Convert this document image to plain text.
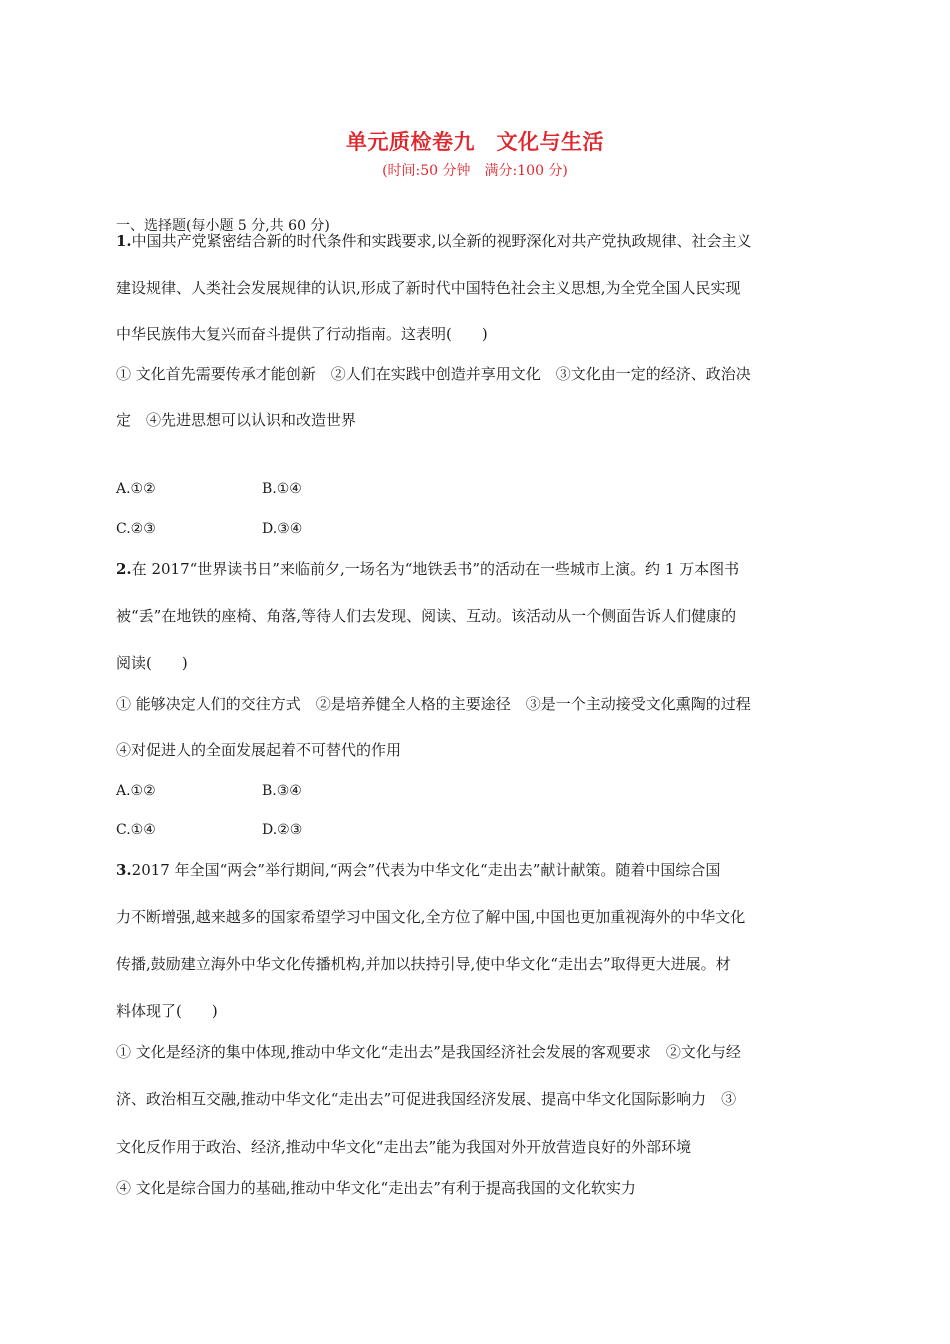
单元质检卷九　文化与生活
(时间:50 分钟　满分:100 分)
一、选择题(每小题 5 分,共 60 分)
1.中国共产党紧密结合新的时代条件和实践要求,以全新的视野深化对共产党执政规律、社会主义
建设规律、人类社会发展规律的认识,形成了新时代中国特色社会主义思想,为全党全国人民实现
中华民族伟大复兴而奋斗提供了行动指南。这表明(　　)
① 文化首先需要传承才能创新　②人们在实践中创造并享用文化　③文化由一定的经济、政治决
定　④先进思想可以认识和改造世界
A.①②	B.①④
C.②③	D.③④
2.在 2017“世界读书日”来临前夕,一场名为“地铁丢书”的活动在一些城市上演。约 1 万本图书
被“丢”在地铁的座椅、角落,等待人们去发现、阅读、互动。该活动从一个侧面告诉人们健康的
阅读(　　)
① 能够决定人们的交往方式　②是培养健全人格的主要途径　③是一个主动接受文化熏陶的过程
④对促进人的全面发展起着不可替代的作用
A.①②	B.③④
C.①④	D.②③
3.2017 年全国“两会”举行期间,“两会”代表为中华文化“走出去”献计献策。随着中国综合国
力不断增强,越来越多的国家希望学习中国文化,全方位了解中国,中国也更加重视海外的中华文化
传播,鼓励建立海外中华文化传播机构,并加以扶持引导,使中华文化“走出去”取得更大进展。材
料体现了(　　)
① 文化是经济的集中体现,推动中华文化“走出去”是我国经济社会发展的客观要求　②文化与经
济、政治相互交融,推动中华文化“走出去”可促进我国经济发展、提高中华文化国际影响力　③
文化反作用于政治、经济,推动中华文化“走出去”能为我国对外开放营造良好的外部环境
④ 文化是综合国力的基础,推动中华文化“走出去”有利于提高我国的文化软实力
